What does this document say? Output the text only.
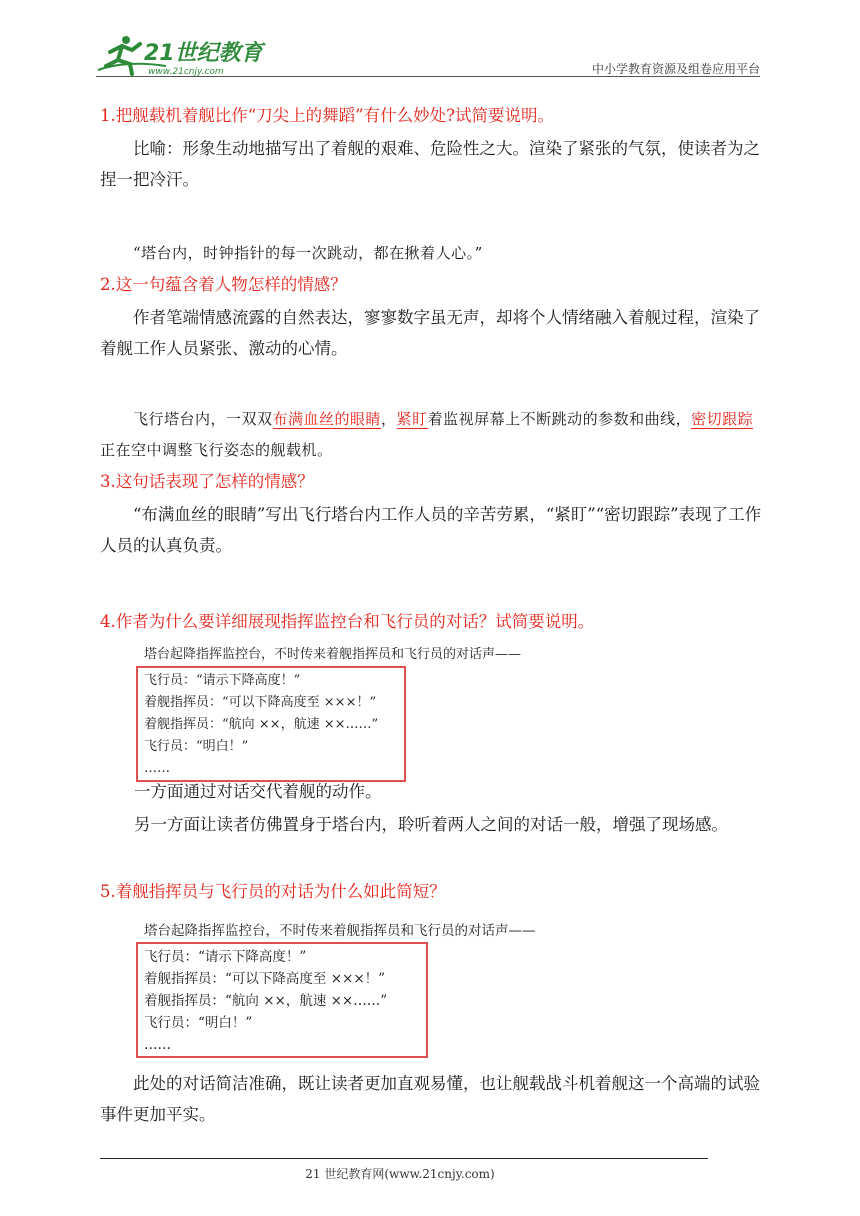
21世纪教育
www.21cnjy.com	中小学教育资源及组卷应用平台

1.把舰载机着舰比作“刀尖上的舞蹈”有什么妙处?试简要说明。

比喻：形象生动地描写出了着舰的艰难、危险性之大。渲染了紧张的气氛，使读者为之捏一把冷汗。

“塔台内，时钟指针的每一次跳动，都在揪着人心。”

2.这一句蕴含着人物怎样的情感？

作者笔端情感流露的自然表达，寥寥数字虽无声，却将个人情绪融入着舰过程，渲染了着舰工作人员紧张、激动的心情。

飞行塔台内，一双双布满血丝的眼睛，紧盯着监视屏幕上不断跳动的参数和曲线，密切跟踪正在空中调整飞行姿态的舰载机。

3.这句话表现了怎样的情感？

“布满血丝的眼睛”写出飞行塔台内工作人员的辛苦劳累，“紧盯”“密切跟踪”表现了工作人员的认真负责。

4.作者为什么要详细展现指挥监控台和飞行员的对话？试简要说明。

塔台起降指挥监控台，不时传来着舰指挥员和飞行员的对话声——
飞行员：“请示下降高度！”
着舰指挥员：“可以下降高度至 ×××！”
着舰指挥员：“航向 ××，航速 ××……”
飞行员：“明白！”
……

一方面通过对话交代着舰的动作。

另一方面让读者仿佛置身于塔台内，聆听着两人之间的对话一般，增强了现场感。

5.着舰指挥员与飞行员的对话为什么如此简短？

塔台起降指挥监控台，不时传来着舰指挥员和飞行员的对话声——
飞行员：“请示下降高度！”
着舰指挥员：“可以下降高度至 ×××！”
着舰指挥员：“航向 ××，航速 ××……”
飞行员：“明白！”
……

此处的对话简洁准确，既让读者更加直观易懂，也让舰载战斗机着舰这一个高端的试验事件更加平实。

21 世纪教育网(www.21cnjy.com)
